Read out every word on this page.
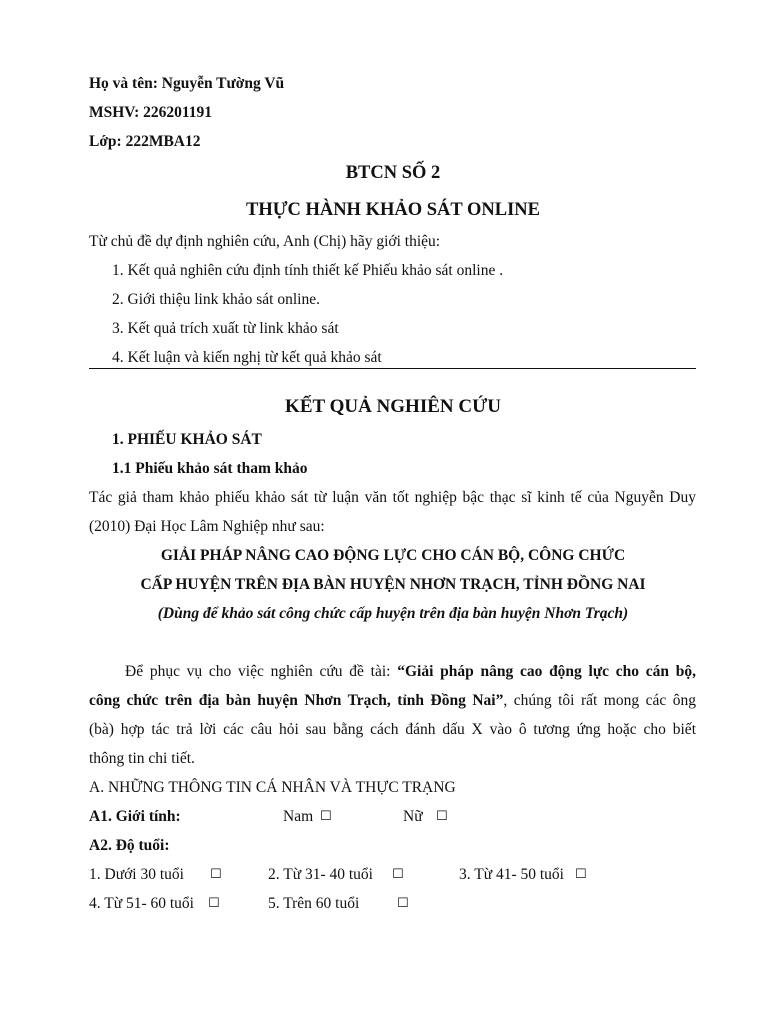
Họ và tên: Nguyễn Tường Vũ
MSHV: 226201191
Lớp: 222MBA12
BTCN SỐ 2
THỰC HÀNH KHẢO SÁT ONLINE
Từ chủ đề dự định nghiên cứu, Anh (Chị) hãy giới thiệu:
1. Kết quả nghiên cứu định tính thiết kế Phiếu khảo sát online .
2. Giới thiệu link khảo sát online.
3. Kết quả trích xuất từ link khảo sát
4. Kết luận và kiến nghị từ kết quả khảo sát
KẾT QUẢ NGHIÊN CỨU
1. PHIẾU KHẢO SÁT
1.1 Phiếu khảo sát tham khảo
Tác giả tham khảo phiếu khảo sát từ luận văn tốt nghiệp bậc thạc sĩ kinh tế của Nguyễn Duy
(2010) Đại Học Lâm Nghiệp như sau:
GIẢI PHÁP NÂNG CAO ĐỘNG LỰC CHO CÁN BỘ, CÔNG CHỨC
CẤP HUYỆN TRÊN ĐỊA BÀN HUYỆN NHƠN TRẠCH, TỈNH ĐỒNG NAI
(Dùng để khảo sát công chức cấp huyện trên địa bàn huyện Nhơn Trạch)
Để phục vụ cho việc nghiên cứu đề tài: “Giải pháp nâng cao động lực cho cán bộ,
công chức trên địa bàn huyện Nhơn Trạch, tỉnh Đồng Nai”, chúng tôi rất mong các ông
(bà) hợp tác trả lời các câu hỏi sau bằng cách đánh dấu X vào ô tương ứng hoặc cho biết
thông tin chi tiết.
A. NHỮNG THÔNG TIN CÁ NHÂN VÀ THỰC TRẠNG
A1. Giới tính:	Nam ☐	Nữ ☐
A2. Độ tuổi:
1. Dưới 30 tuổi ☐	2. Từ 31- 40 tuổi ☐	3. Từ 41- 50 tuổi ☐
4. Từ 51- 60 tuổi ☐	5. Trên 60 tuổi	☐
